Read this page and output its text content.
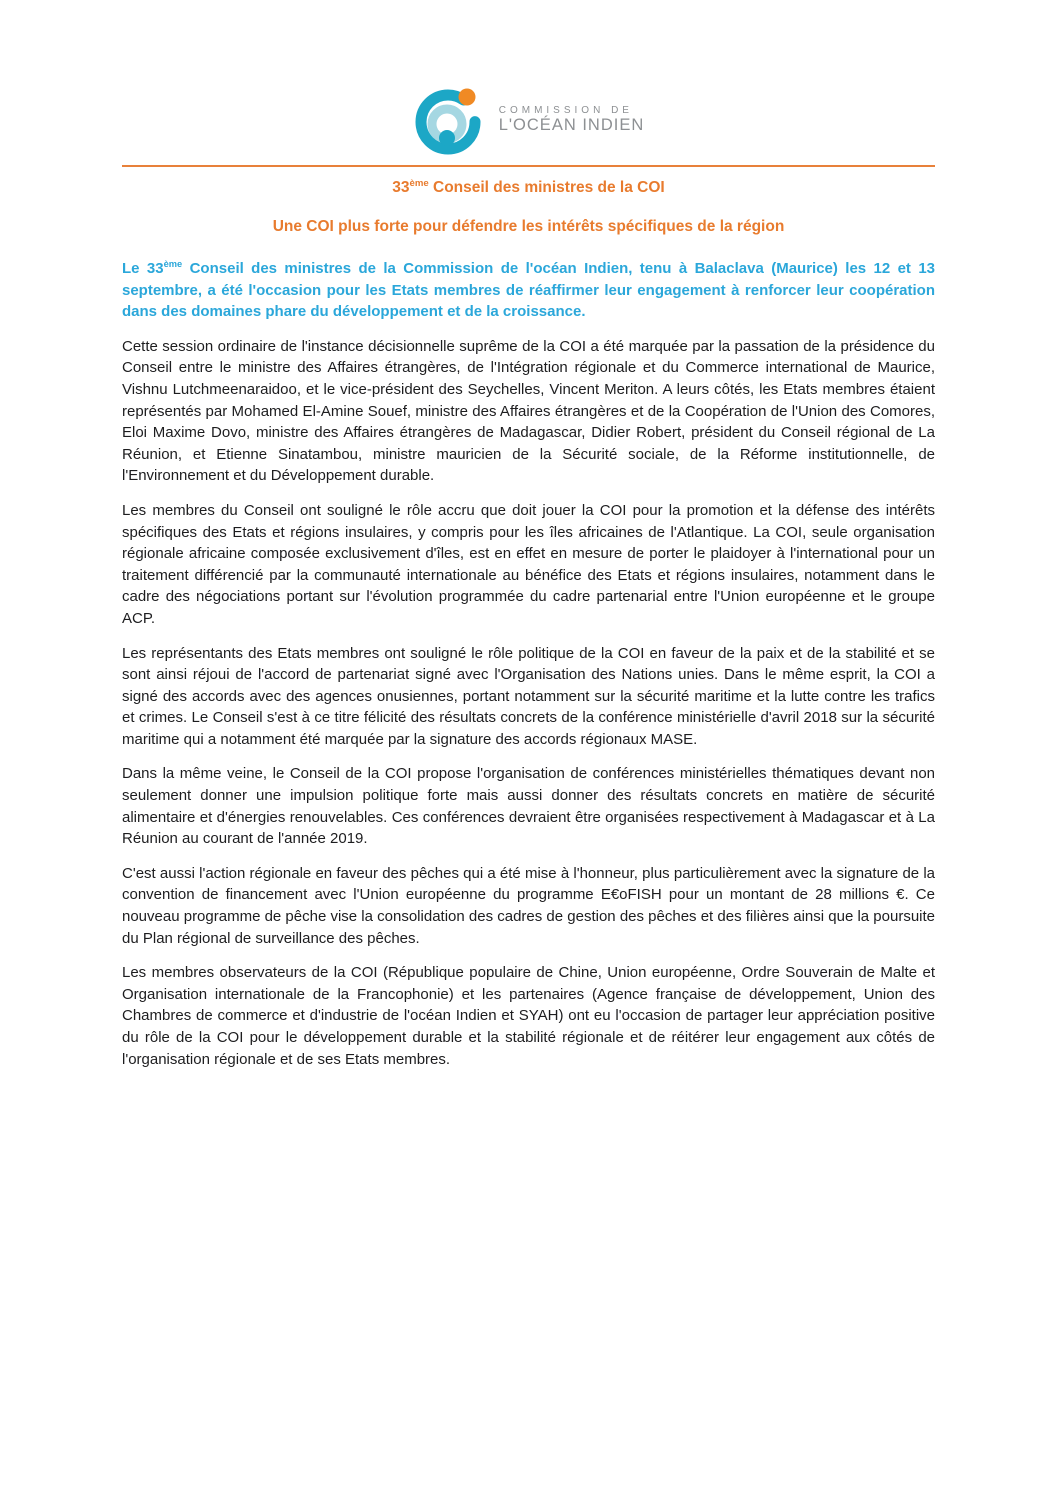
COMMISSION DE
L'OCÉAN INDIEN
33ème Conseil des ministres de la COI
Une COI plus forte pour défendre les intérêts spécifiques de la région

Le 33ème Conseil des ministres de la Commission de l'océan Indien, tenu à Balaclava (Maurice) les 12 et 13 septembre, a été l'occasion pour les Etats membres de réaffirmer leur engagement à renforcer leur coopération dans des domaines phare du développement et de la croissance.

Cette session ordinaire de l'instance décisionnelle suprême de la COI a été marquée par la passation de la présidence du Conseil entre le ministre des Affaires étrangères, de l'Intégration régionale et du Commerce international de Maurice, Vishnu Lutchmeenaraidoo, et le vice-président des Seychelles, Vincent Meriton. A leurs côtés, les Etats membres étaient représentés par Mohamed El-Amine Souef, ministre des Affaires étrangères et de la Coopération de l'Union des Comores, Eloi Maxime Dovo, ministre des Affaires étrangères de Madagascar, Didier Robert, président du Conseil régional de La Réunion, et Etienne Sinatambou, ministre mauricien de la Sécurité sociale, de la Réforme institutionnelle, de l'Environnement et du Développement durable.

Les membres du Conseil ont souligné le rôle accru que doit jouer la COI pour la promotion et la défense des intérêts spécifiques des Etats et régions insulaires, y compris pour les îles africaines de l'Atlantique. La COI, seule organisation régionale africaine composée exclusivement d'îles, est en effet en mesure de porter le plaidoyer à l'international pour un traitement différencié par la communauté internationale au bénéfice des Etats et régions insulaires, notamment dans le cadre des négociations portant sur l'évolution programmée du cadre partenarial entre l'Union européenne et le groupe ACP.

Les représentants des Etats membres ont souligné le rôle politique de la COI en faveur de la paix et de la stabilité et se sont ainsi réjoui de l'accord de partenariat signé avec l'Organisation des Nations unies. Dans le même esprit, la COI a signé des accords avec des agences onusiennes, portant notamment sur la sécurité maritime et la lutte contre les trafics et crimes. Le Conseil s'est à ce titre félicité des résultats concrets de la conférence ministérielle d'avril 2018 sur la sécurité maritime qui a notamment été marquée par la signature des accords régionaux MASE.

Dans la même veine, le Conseil de la COI propose l'organisation de conférences ministérielles thématiques devant non seulement donner une impulsion politique forte mais aussi donner des résultats concrets en matière de sécurité alimentaire et d'énergies renouvelables. Ces conférences devraient être organisées respectivement à Madagascar et à La Réunion au courant de l'année 2019.

C'est aussi l'action régionale en faveur des pêches qui a été mise à l'honneur, plus particulièrement avec la signature de la convention de financement avec l'Union européenne du programme E€oFISH pour un montant de 28 millions €. Ce nouveau programme de pêche vise la consolidation des cadres de gestion des pêches et des filières ainsi que la poursuite du Plan régional de surveillance des pêches.

Les membres observateurs de la COI (République populaire de Chine, Union européenne, Ordre Souverain de Malte et Organisation internationale de la Francophonie) et les partenaires (Agence française de développement, Union des Chambres de commerce et d'industrie de l'océan Indien et SYAH) ont eu l'occasion de partager leur appréciation positive du rôle de la COI pour le développement durable et la stabilité régionale et de réitérer leur engagement aux côtés de l'organisation régionale et de ses Etats membres.
